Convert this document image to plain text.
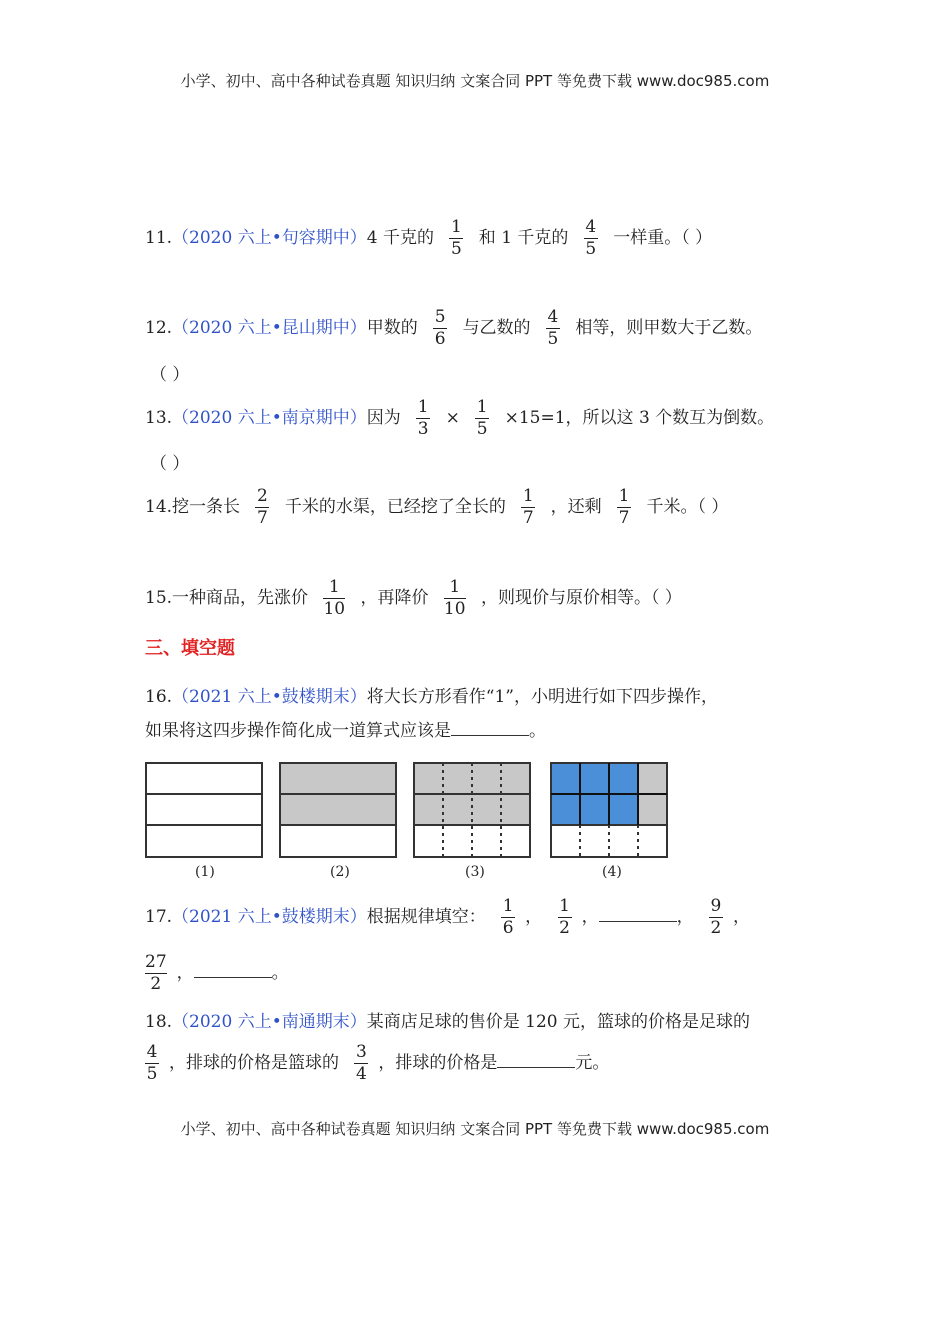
小学、初中、高中各种试卷真题 知识归纳 文案合同 PPT 等免费下载 www.doc985.com
11.（2020 六上•句容期中）4 千克的 $\frac{1}{5}$ 和 1 千克的 $\frac{4}{5}$ 一样重。（ ）
12.（2020 六上•昆山期中）甲数的 $\frac{5}{6}$ 与乙数的 $\frac{4}{5}$ 相等，则甲数大于乙数。
（ ）
13.（2020 六上•南京期中）因为 $\frac{1}{3} \times \frac{1}{5} \times 15=1$，所以这 3 个数互为倒数。
（ ）
14.挖一条长 $\frac{2}{7}$ 千米的水渠，已经挖了全长的 $\frac{1}{7}$ ，还剩 $\frac{1}{7}$ 千米。（ ）
15.一种商品，先涨价 $\frac{1}{10}$ ，再降价 $\frac{1}{10}$ ，则现价与原价相等。（ ）
三、填空题
16.（2021 六上•鼓楼期末）将大长方形看作“1”，小明进行如下四步操作，
如果将这四步操作简化成一道算式应该是	。
(1)	(2)	(3)	(4)
17.（2021 六上•鼓楼期末）根据规律填空： $\frac{1}{6}$ ， $\frac{1}{2}$ ，	， $\frac{9}{2}$ ，
$\frac{27}{2}$ ，	。
18.（2020 六上•南通期末）某商店足球的售价是 120 元，篮球的价格是足球的
$\frac{4}{5}$ ，排球的价格是篮球的 $\frac{3}{4}$ ，排球的价格是	元。
小学、初中、高中各种试卷真题 知识归纳 文案合同 PPT 等免费下载 www.doc985.com
